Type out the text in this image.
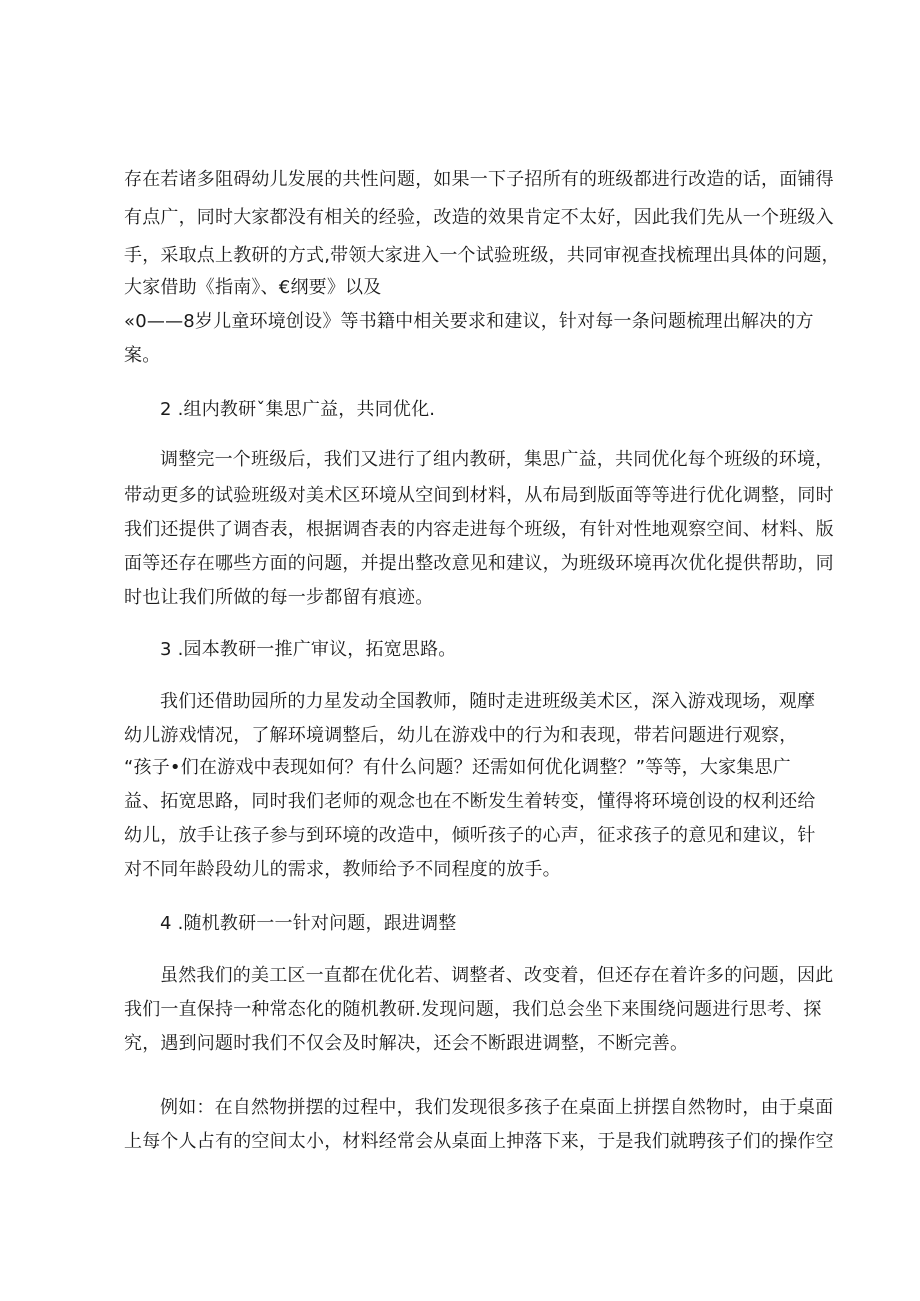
存在若诸多阻碍幼儿发展的共性问题，如果一下子招所有的班级都进行改造的话，面铺得
有点广，同时大家都没有相关的经验，改造的效果肯定不太好，因此我们先从一个班级入
手，采取点上教研的方式,带领大家进入一个试验班级，共同审视查找梳理出具体的问题，
大家借助《指南》、€纲要》以及
«0——8岁儿童环境创设》等书籍中相关要求和建议，针对每一条问题梳理出解决的方
案。
2 .组内教研ˇ集思广益，共同优化.
调整完一个班级后，我们又进行了组内教研，集思广益，共同优化每个班级的环境，
带动更多的试验班级对美术区环境从空间到材料，从布局到版面等等进行优化调整，同时
我们还提供了调杳表，根据调杳表的内容走进每个班级，有针对性地观察空间、材料、版
面等还存在哪些方面的问题，并提出整改意见和建议，为班级环境再次优化提供帮助，同
时也让我们所做的每一步都留有痕迹。
3 .园本教研一推广审议，拓宽思路。
我们还借助园所的力星发动全国教师，随时走进班级美术区，深入游戏现场，观摩
幼儿游戏情况，了解环境调整后，幼儿在游戏中的行为和表现，带若问题进行观察，
“孩子•们在游戏中表现如何？有什么问题？还需如何优化调整？”等等，大家集思广
益、拓宽思路，同时我们老师的观念也在不断发生着转变，懂得将环境创设的权利还给
幼儿，放手让孩子参与到环境的改造中，倾听孩子的心声，征求孩子的意见和建议，针
对不同年龄段幼儿的需求，教师给予不同程度的放手。
4 .随机教研一一针对问题，跟进调整
虽然我们的美工区一直都在优化若、调整者、改变着，但还存在着许多的问题，因此
我们一直保持一种常态化的随机教研.发现问题，我们总会坐下来围绕问题进行思考、探
究，遇到问题时我们不仅会及时解决，还会不断跟进调整，不断完善。
例如：在自然物拼摆的过程中，我们发现很多孩子在桌面上拼摆自然物时，由于桌面
上每个人占有的空间太小，材料经常会从桌面上抻落下来，于是我们就聘孩子们的操作空
